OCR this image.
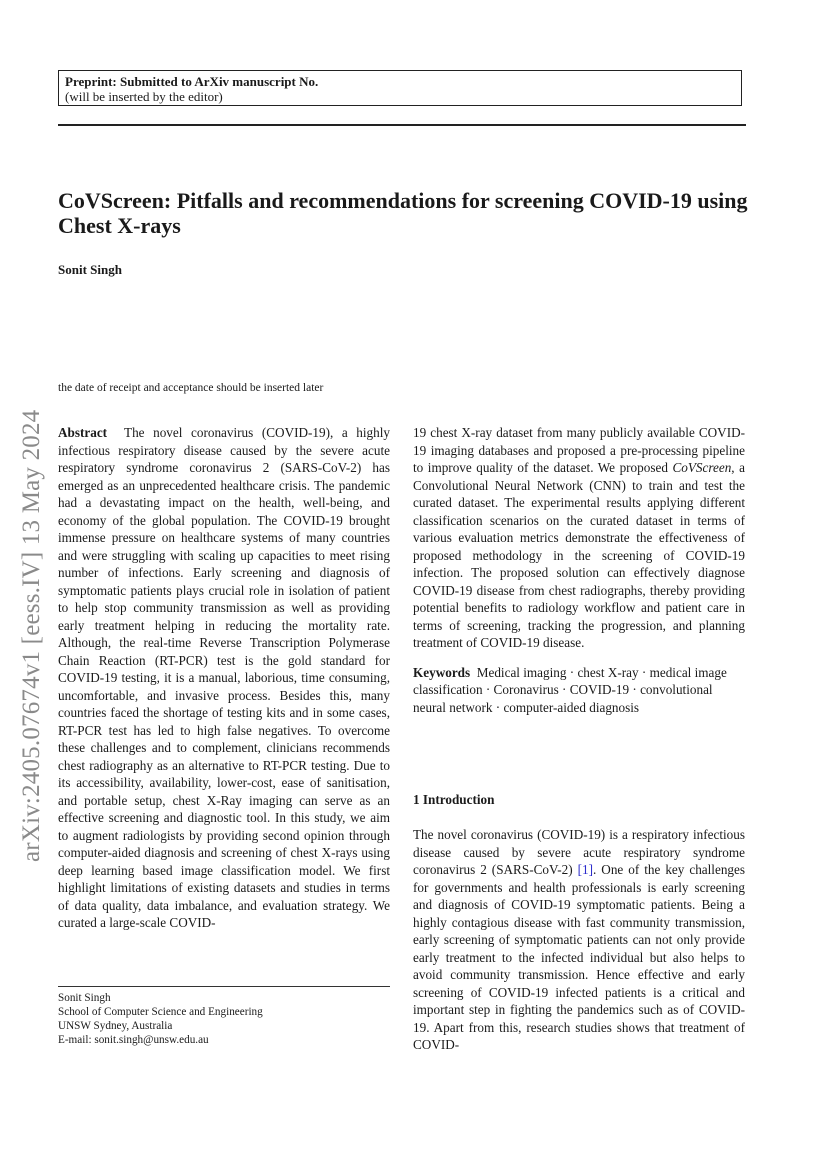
Preprint: Submitted to ArXiv manuscript No.
(will be inserted by the editor)
CoVScreen: Pitfalls and recommendations for screening COVID-19 using Chest X-rays
Sonit Singh
the date of receipt and acceptance should be inserted later
arXiv:2405.07674v1 [eess.IV] 13 May 2024 Abstract The novel coronavirus (COVID-19), a highly infectious respiratory disease caused by the severe acute respiratory syndrome coronavirus 2 (SARS-CoV-2) has emerged as an unprecedented healthcare crisis. The pandemic had a devastating impact on the health, well-being, and economy of the global population. The COVID-19 brought immense pressure on healthcare systems of many countries and were struggling with scaling up capacities to meet rising number of infections. Early screening and diagnosis of symptomatic patients plays crucial role in isolation of patient to help stop community transmission as well as providing early treatment helping in reducing the mortality rate. Although, the real-time Reverse Transcription Polymerase Chain Reaction (RT-PCR) test is the gold standard for COVID-19 testing, it is a manual, laborious, time consuming, uncomfortable, and invasive process. Besides this, many countries faced the shortage of testing kits and in some cases, RT-PCR test has led to high false negatives. To overcome these challenges and to complement, clinicians recommends chest radiography as an alternative to RT-PCR testing. Due to its accessibility, availability, lower-cost, ease of sanitisation, and portable setup, chest X-Ray imaging can serve as an effective screening and diagnostic tool. In this study, we aim to augment radiologists by providing second opinion through computer-aided diagnosis and screening of chest X-rays using deep learning based image classification model. We first highlight limitations of existing datasets and studies in terms of data quality, data imbalance, and evaluation strategy. We curated a large-scale COVID-

19 chest X-ray dataset from many publicly available COVID-19 imaging databases and proposed a pre-processing pipeline to improve quality of the dataset. We proposed CoVScreen, a Convolutional Neural Network (CNN) to train and test the curated dataset. The experimental results applying different classification scenarios on the curated dataset in terms of various evaluation metrics demonstrate the effectiveness of proposed methodology in the screening of COVID-19 infection. The proposed solution can effectively diagnose COVID-19 disease from chest radiographs, thereby providing potential benefits to radiology workflow and patient care in terms of screening, tracking the progression, and planning treatment of COVID-19 disease.

Keywords Medical imaging · chest X-ray · medical image classification · Coronavirus · COVID-19 · convolutional neural network · computer-aided diagnosis

1 Introduction
The novel coronavirus (COVID-19) is a respiratory infectious disease caused by severe acute respiratory syndrome coronavirus 2 (SARS-CoV-2) [1]. One of the key challenges for governments and health professionals is early screening and diagnosis of COVID-19 symptomatic patients. Being a highly contagious disease with fast community transmission, early screening of symptomatic patients can not only provide early treatment to the infected individual but also helps to avoid community transmission. Hence effective and early screening of COVID-19 infected patients is a critical and important step in fighting the pandemics such as of COVID-19. Apart from this, research studies shows that treatment of COVID-
Sonit Singh
School of Computer Science and Engineering
UNSW Sydney, Australia
E-mail: sonit.singh@unsw.edu.au
